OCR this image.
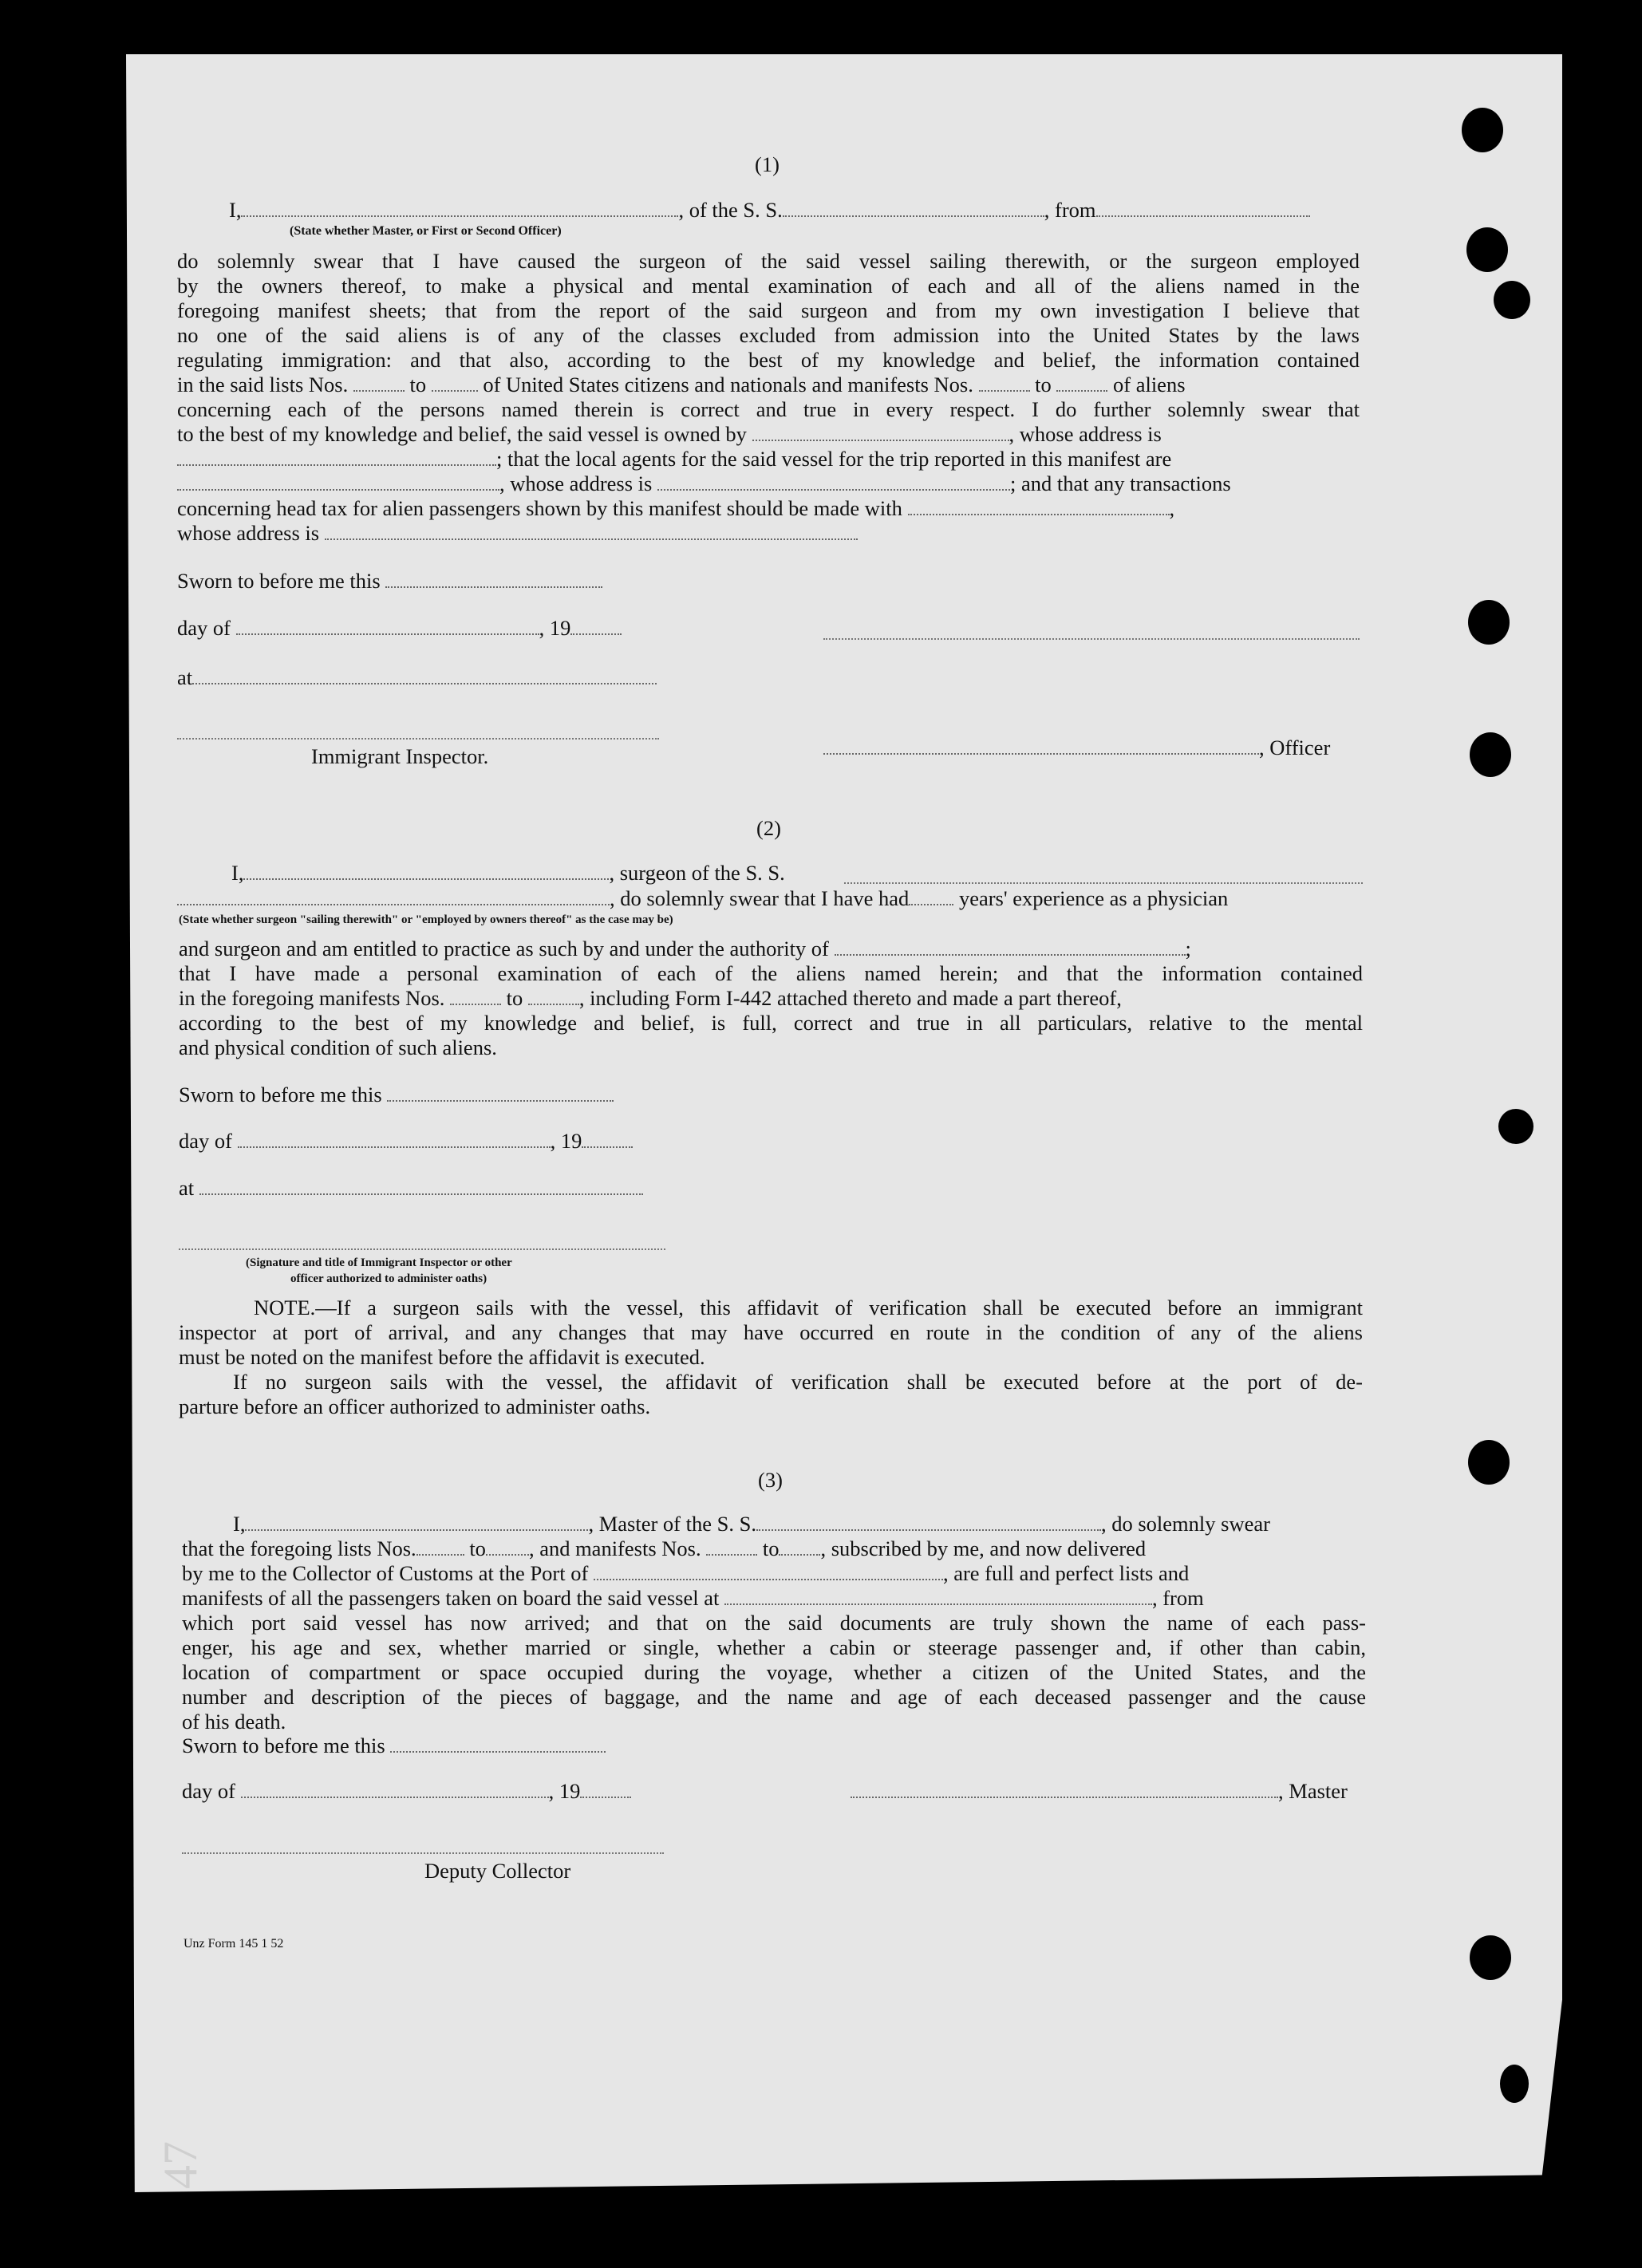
(1)

I,	, of the S. S.	, from

(State whether Master, or First or Second Officer)

do solemnly swear that I have caused the surgeon of the said vessel sailing therewith, or the surgeon employed

by the owners thereof, to make a physical and mental examination of each and all of the aliens named in the

foregoing manifest sheets; that from the report of the said surgeon and from my own investigation I believe that

no one of the said aliens is of any of the classes excluded from admission into the United States by the laws

regulating immigration: and that also, according to the best of my knowledge and belief, the information contained

in the said lists Nos.	to	of United States citizens and nationals and manifests Nos.	to	of aliens

concerning each of the persons named therein is correct and true in every respect. I do further solemnly swear that

to the best of my knowledge and belief, the said vessel is owned by	, whose address is

; that the local agents for the said vessel for the trip reported in this manifest are

, whose address is	; and that any transactions

concerning head tax for alien passengers shown by this manifest should be made with	,

whose address is

Sworn to before me this

day of	, 19

at

Immigrant Inspector.	, Officer

(2)

I,	, surgeon of the S. S.

, do solemnly swear that I have had years' experience as a physician

(State whether surgeon "sailing therewith" or "employed by owners thereof" as the case may be)

and surgeon and am entitled to practice as such by and under the authority of	;

that I have made a personal examination of each of the aliens named herein; and that the information contained

in the foregoing manifests Nos.	to	, including Form I-442 attached thereto and made a part thereof,

according to the best of my knowledge and belief, is full, correct and true in all particulars, relative to the mental

and physical condition of such aliens.

Sworn to before me this

day of	, 19

at

(Signature and title of Immigrant Inspector or other

officer authorized to administer oaths)

NOTE.—If a surgeon sails with the vessel, this affidavit of verification shall be executed before an immigrant

inspector at port of arrival, and any changes that may have occurred en route in the condition of any of the aliens

must be noted on the manifest before the affidavit is executed.

If no surgeon sails with the vessel, the affidavit of verification shall be executed before at the port of de-

parture before an officer authorized to administer oaths.

(3)

I,	, Master of the S. S.	, do solemnly swear

that the foregoing lists Nos.	to , and manifests Nos.	to , subscribed by me, and now delivered

by me to the Collector of Customs at the Port of	, are full and perfect lists and

manifests of all the passengers taken on board the said vessel at	, from

which port said vessel has now arrived; and that on the said documents are truly shown the name of each pass-

enger, his age and sex, whether married or single, whether a cabin or steerage passenger and, if other than cabin,

location of compartment or space occupied during the voyage, whether a citizen of the United States, and the

number and description of the pieces of baggage, and the name and age of each deceased passenger and the cause

of his death.

Sworn to before me this

day of	, 19	, Master

Deputy Collector

Unz Form 145 1 52

47
